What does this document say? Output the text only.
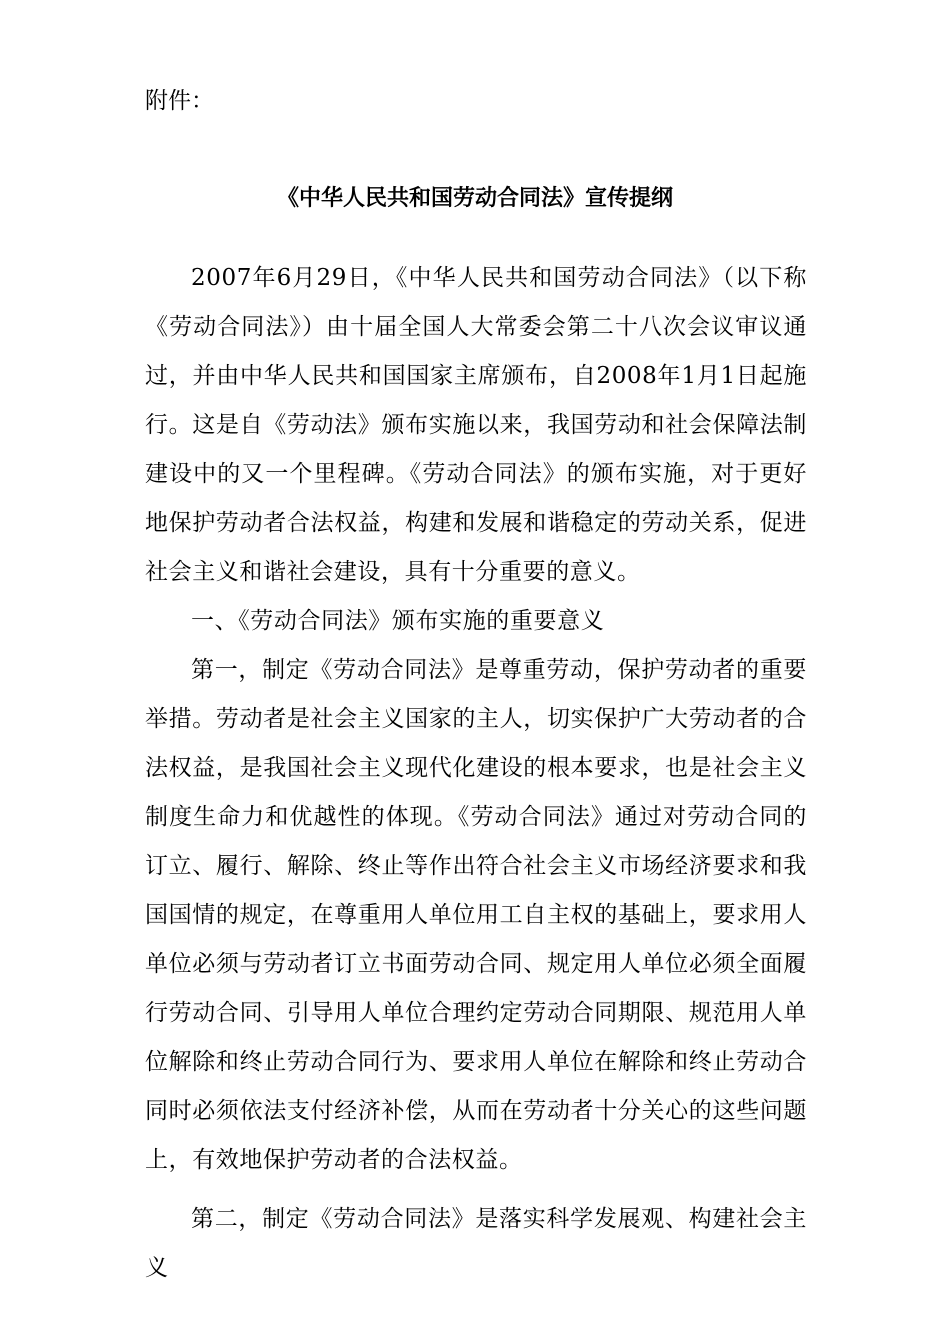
附件：

《中华人民共和国劳动合同法》宣传提纲

2007年6月29日，《中华人民共和国劳动合同法》（以下称《劳动合同法》）由十届全国人大常委会第二十八次会议审议通过，并由中华人民共和国国家主席颁布，自2008年1月1日起施行。这是自《劳动法》颁布实施以来，我国劳动和社会保障法制建设中的又一个里程碑。《劳动合同法》的颁布实施，对于更好地保护劳动者合法权益，构建和发展和谐稳定的劳动关系，促进社会主义和谐社会建设，具有十分重要的意义。

一、《劳动合同法》颁布实施的重要意义

第一，制定《劳动合同法》是尊重劳动，保护劳动者的重要举措。劳动者是社会主义国家的主人，切实保护广大劳动者的合法权益，是我国社会主义现代化建设的根本要求，也是社会主义制度生命力和优越性的体现。《劳动合同法》通过对劳动合同的订立、履行、解除、终止等作出符合社会主义市场经济要求和我国国情的规定，在尊重用人单位用工自主权的基础上，要求用人单位必须与劳动者订立书面劳动合同、规定用人单位必须全面履行劳动合同、引导用人单位合理约定劳动合同期限、规范用人单位解除和终止劳动合同行为、要求用人单位在解除和终止劳动合同时必须依法支付经济补偿，从而在劳动者十分关心的这些问题上，有效地保护劳动者的合法权益。

第二，制定《劳动合同法》是落实科学发展观、构建社会主义
